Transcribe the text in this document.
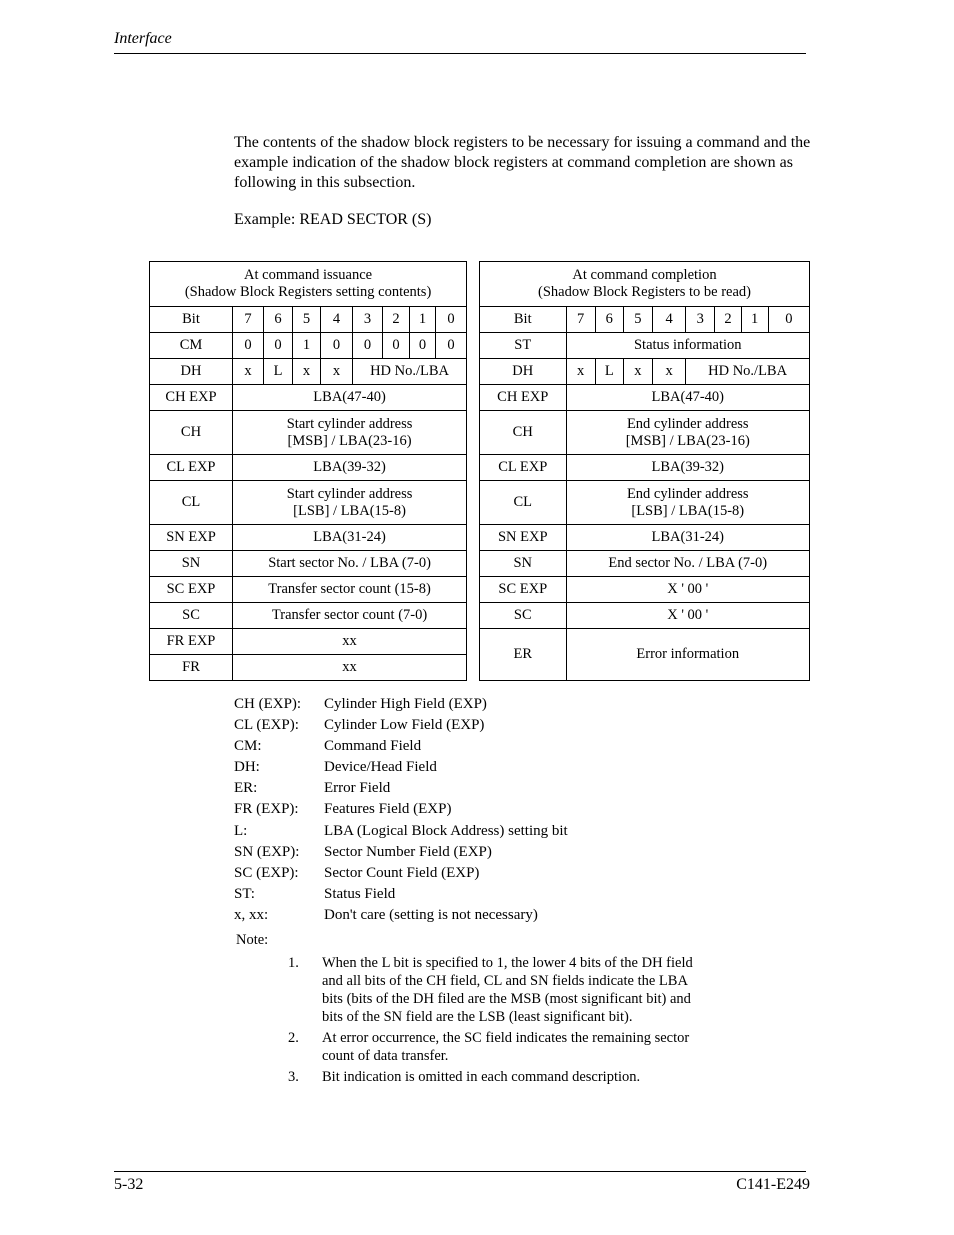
Interface
The contents of the shadow block registers to be necessary for issuing a command and the example indication of the shadow block registers at command completion are shown as following in this subsection.
Example: READ SECTOR (S)
At command issuance
(Shadow Block Registers setting contents)								
Bit	7	6	5	4	3	2	1	0
CM	0	0	1	0	0	0	0	0
DH	x	L	x	x	HD No./LBA			
CH EXP	LBA(47-40)							
CH	Start cylinder address
[MSB] / LBA(23-16)							
CL EXP	LBA(39-32)							
CL	Start cylinder address
[LSB] / LBA(15-8)							
SN EXP	LBA(31-24)							
SN	Start sector No. / LBA (7-0)							
SC EXP	Transfer sector count (15-8)							
SC	Transfer sector count (7-0)							
FR EXP	xx							
FR	xx							
At command completion
(Shadow Block Registers to be read)								
Bit	7	6	5	4	3	2	1	0
ST	Status information							
DH	x	L	x	x	HD No./LBA			
CH EXP	LBA(47-40)							
CH	End cylinder address
[MSB] / LBA(23-16)							
CL EXP	LBA(39-32)							
CL	End cylinder address
[LSB] / LBA(15-8)							
SN EXP	LBA(31-24)							
SN	End sector No. / LBA (7-0)							
SC EXP	X ' 00 '							
SC	X ' 00 '							
ER	Error information							
CH (EXP):	Cylinder High Field (EXP)
CL (EXP):	Cylinder Low Field (EXP)
CM:	Command Field
DH:	Device/Head Field
ER:	Error Field
FR (EXP):	Features Field (EXP)
L:	LBA (Logical Block Address) setting bit
SN (EXP):	Sector Number Field (EXP)
SC (EXP):	Sector Count Field (EXP)
ST:	Status Field
x, xx:	Don't care (setting is not necessary)
Note:
1.	When the L bit is specified to 1, the lower 4 bits of the DH field and all bits of the CH field, CL and SN fields indicate the LBA bits (bits of the DH filed are the MSB (most significant bit) and bits of the SN field are the LSB (least significant bit).
2.	At error occurrence, the SC field indicates the remaining sector count of data transfer.
3.	Bit indication is omitted in each command description.
5-32	C141-E249
